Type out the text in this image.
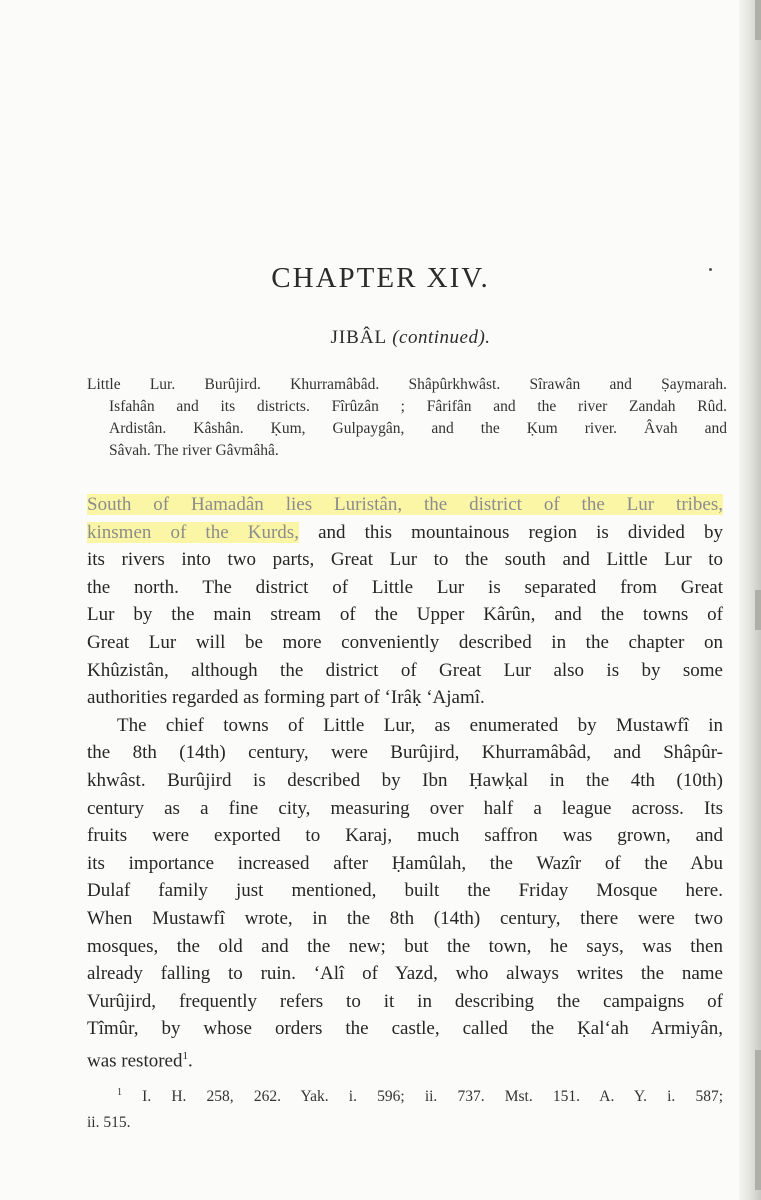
CHAPTER XIV.
JIBÂL (continued).
Little Lur. Burûjird. Khurramâbâd. Shâpûrkhwâst. Sîrawân and Ṣaymarah.
Isfahân and its districts. Fîrûzân ; Fârifân and the river Zandah Rûd.
Ardistân. Kâshân. Ḳum, Gulpaygân, and the Ḳum river. Âvah and
Sâvah. The river Gâvmâhâ.
South of Hamadân lies Luristân, the district of the Lur tribes,
kinsmen of the Kurds, and this mountainous region is divided by
its rivers into two parts, Great Lur to the south and Little Lur to
the north. The district of Little Lur is separated from Great
Lur by the main stream of the Upper Kârûn, and the towns of
Great Lur will be more conveniently described in the chapter on
Khûzistân, although the district of Great Lur also is by some
authorities regarded as forming part of ‘Irâḳ ‘Ajamî.
The chief towns of Little Lur, as enumerated by Mustawfî in
the 8th (14th) century, were Burûjird, Khurramâbâd, and Shâpûr-
khwâst. Burûjird is described by Ibn Ḥawḳal in the 4th (10th)
century as a fine city, measuring over half a league across. Its
fruits were exported to Karaj, much saffron was grown, and
its importance increased after Ḥamûlah, the Wazîr of the Abu
Dulaf family just mentioned, built the Friday Mosque here.
When Mustawfî wrote, in the 8th (14th) century, there were two
mosques, the old and the new; but the town, he says, was then
already falling to ruin. ‘Alî of Yazd, who always writes the name
Vurûjird, frequently refers to it in describing the campaigns of
Tîmûr, by whose orders the castle, called the Ḳal‘ah Armiyân,
was restored$^1$.
$^1$ I. H. 258, 262. Yak. i. 596; ii. 737. Mst. 151. A. Y. i. 587;
ii. 515.
